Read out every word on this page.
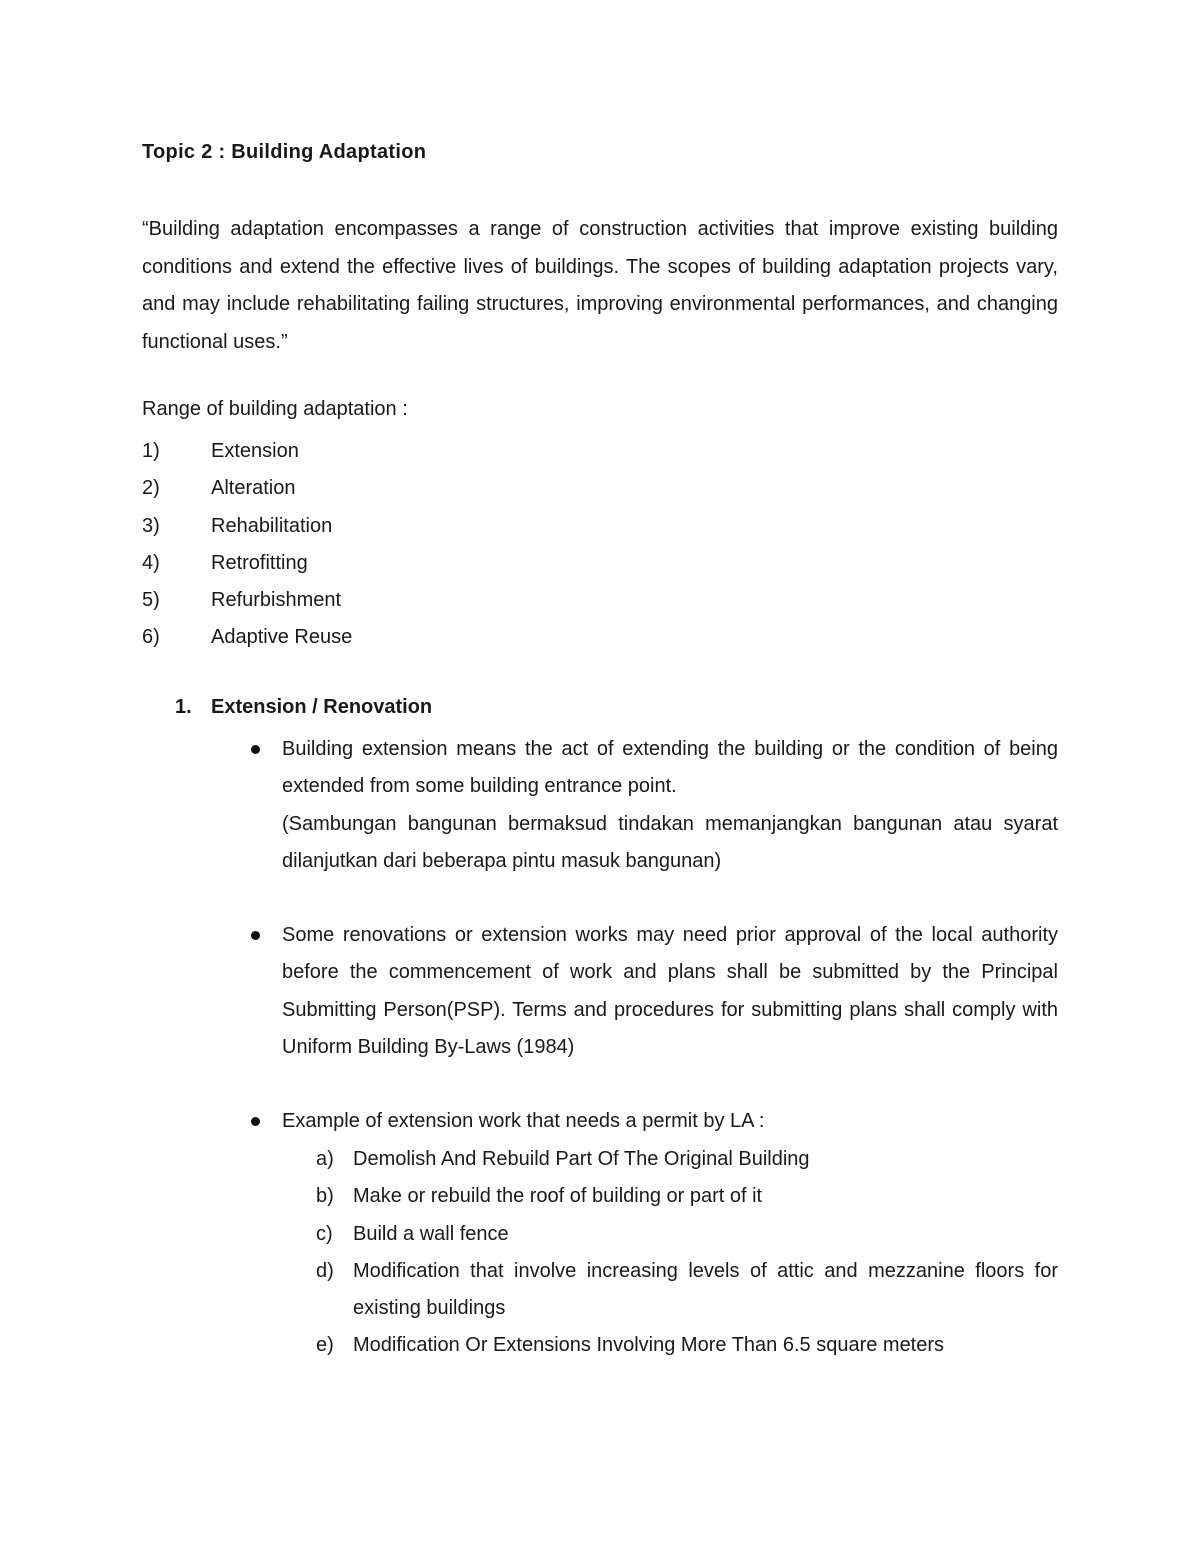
Topic 2 : Building Adaptation

“Building adaptation encompasses a range of construction activities that improve existing building conditions and extend the effective lives of buildings. The scopes of building adaptation projects vary, and may include rehabilitating failing structures, improving environmental performances, and changing functional uses.”

Range of building adaptation :

1)	Extension
2)	Alteration
3)	Rehabilitation
4)	Retrofitting
5)	Refurbishment
6)	Adaptive Reuse

1. Extension / Renovation

Building extension means the act of extending the building or the condition of being extended from some building entrance point.

(Sambungan bangunan bermaksud tindakan memanjangkan bangunan atau syarat dilanjutkan dari beberapa pintu masuk bangunan)

Some renovations or extension works may need prior approval of the local authority before the commencement of work and plans shall be submitted by the Principal Submitting Person(PSP). Terms and procedures for submitting plans shall comply with Uniform Building By-Laws (1984)

Example of extension work that needs a permit by LA :

a) Demolish And Rebuild Part Of The Original Building
b) Make or rebuild the roof of building or part of it
c) Build a wall fence
d) Modification that involve increasing levels of attic and mezzanine floors for existing buildings
e) Modification Or Extensions Involving More Than 6.5 square meters
